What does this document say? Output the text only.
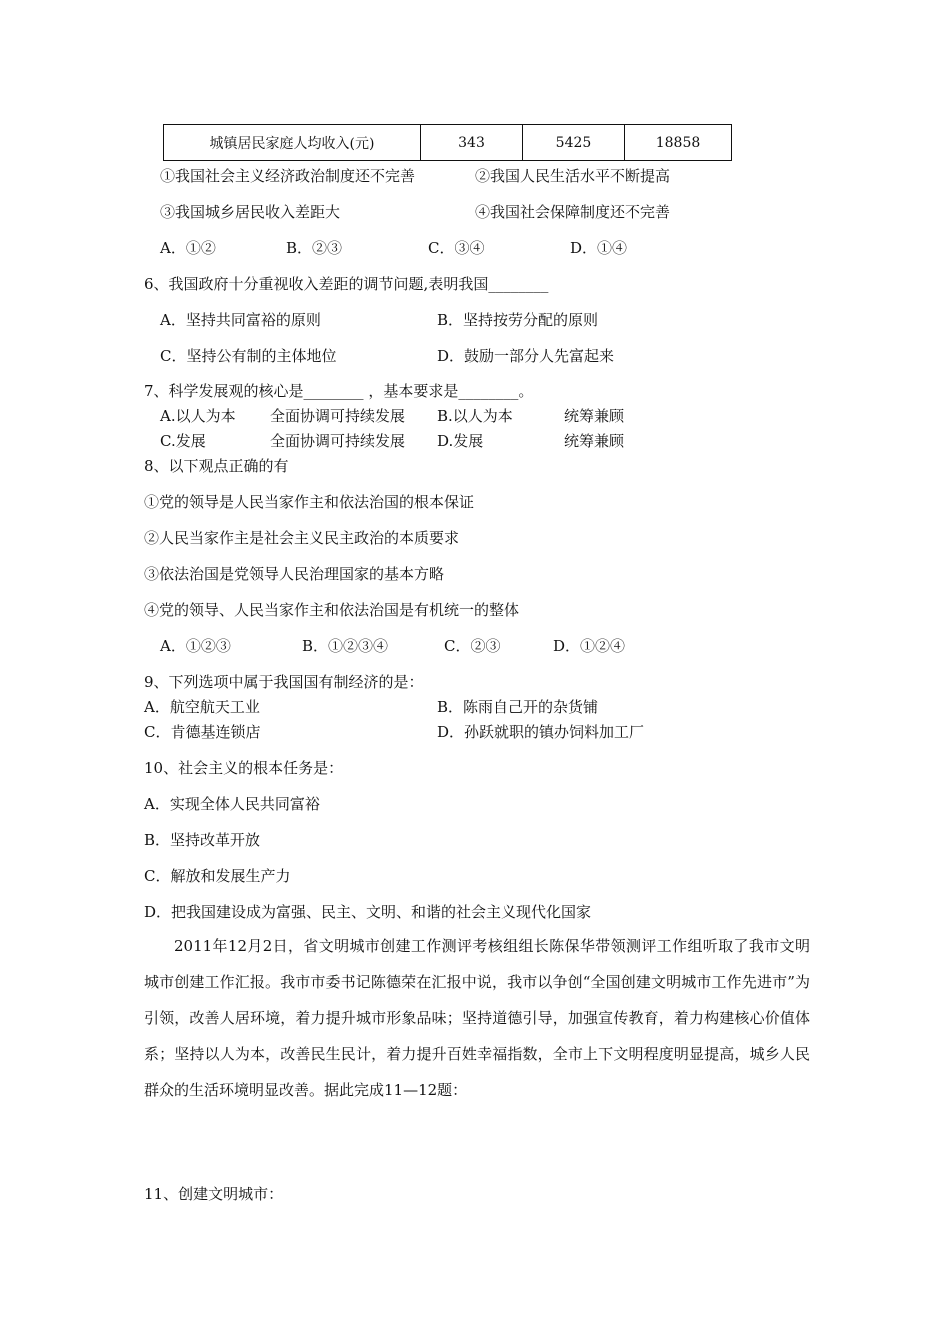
城镇居民家庭人均收入(元)	343	5425	18858
①我国社会主义经济政治制度还不完善	②我国人民生活水平不断提高
③我国城乡居民收入差距大	④我国社会保障制度还不完善
A．①②	B．②③	C．③④	D．①④
6、我国政府十分重视收入差距的调节问题,表明我国________
A．坚持共同富裕的原则	B．坚持按劳分配的原则
C．坚持公有制的主体地位	D．鼓励一部分人先富起来
7、科学发展观的核心是________ ，基本要求是________。
A.以人为本 全面协调可持续发展 B.以人为本	统筹兼顾
C.发展	全面协调可持续发展 D.发展	统筹兼顾
8、以下观点正确的有
①党的领导是人民当家作主和依法治国的根本保证
②人民当家作主是社会主义民主政治的本质要求
③依法治国是党领导人民治理国家的基本方略
④党的领导、人民当家作主和依法治国是有机统一的整体
A．①②③	B．①②③④	C．②③	D．①②④
9、下列选项中属于我国国有制经济的是：
A．航空航天工业	B．陈雨自己开的杂货铺
C．肯德基连锁店	D．孙跃就职的镇办饲料加工厂
10、社会主义的根本任务是：
A．实现全体人民共同富裕
B．坚持改革开放
C．解放和发展生产力
D．把我国建设成为富强、民主、文明、和谐的社会主义现代化国家

2011年12月2日，省文明城市创建工作测评考核组组长陈保华带领测评工作组听取了我市文明城市创建工作汇报。我市市委书记陈德荣在汇报中说，我市以争创“全国创建文明城市工作先进市”为引领，改善人居环境，着力提升城市形象品味；坚持道德引导，加强宣传教育，着力构建核心价值体系；坚持以人为本，改善民生民计，着力提升百姓幸福指数，全市上下文明程度明显提高，城乡人民群众的生活环境明显改善。据此完成11—12题：

11、创建文明城市：
